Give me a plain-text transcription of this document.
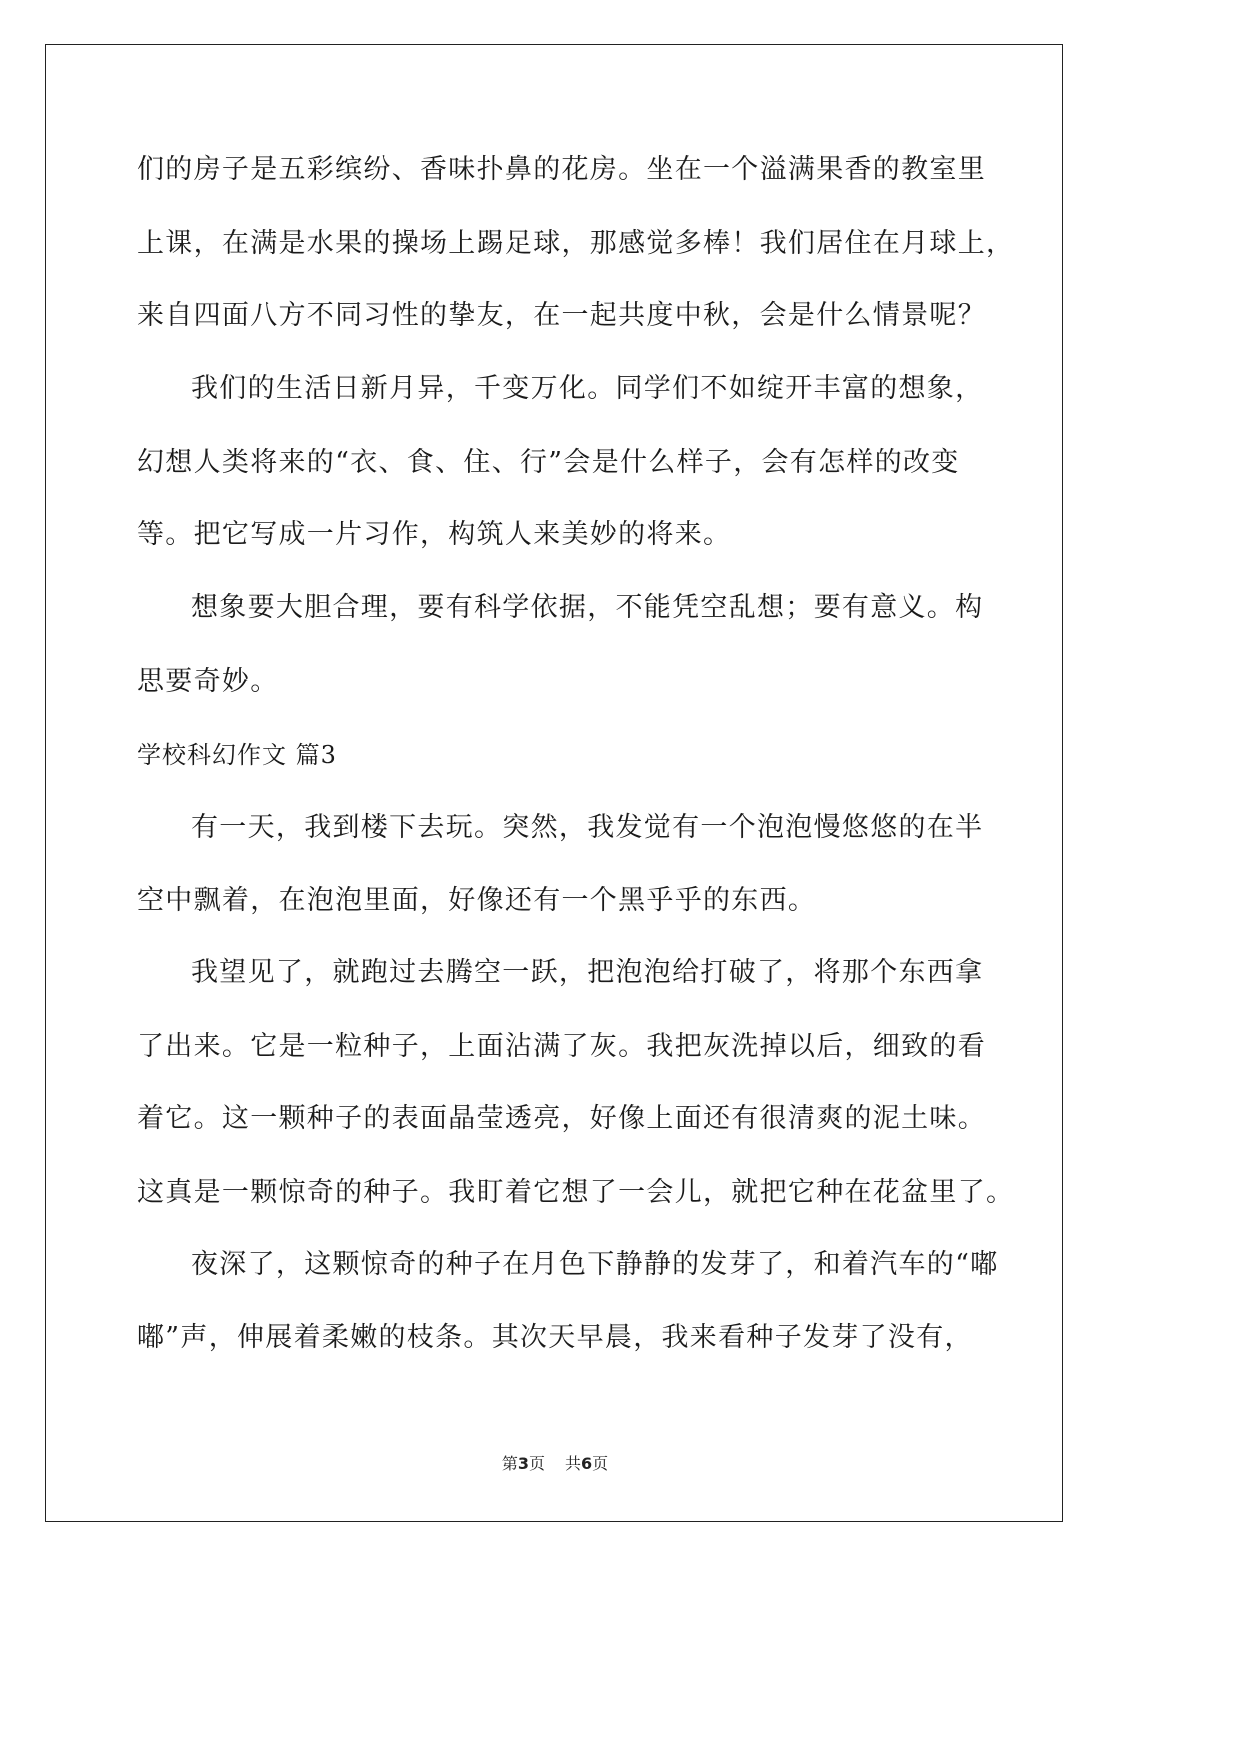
们的房子是五彩缤纷、香味扑鼻的花房。坐在一个溢满果香的教室里
上课，在满是水果的操场上踢足球，那感觉多棒！我们居住在月球上，
来自四面八方不同习性的挚友，在一起共度中秋，会是什么情景呢？
我们的生活日新月异，千变万化。同学们不如绽开丰富的想象，
幻想人类将来的“衣、食、住、行”会是什么样子，会有怎样的改变
等。把它写成一片习作，构筑人来美妙的将来。
想象要大胆合理，要有科学依据，不能凭空乱想；要有意义。构
思要奇妙。
学校科幻作文 篇3
有一天，我到楼下去玩。突然，我发觉有一个泡泡慢悠悠的在半
空中飘着，在泡泡里面，好像还有一个黑乎乎的东西。
我望见了，就跑过去腾空一跃，把泡泡给打破了，将那个东西拿
了出来。它是一粒种子，上面沾满了灰。我把灰洗掉以后，细致的看
着它。这一颗种子的表面晶莹透亮，好像上面还有很清爽的泥土味。
这真是一颗惊奇的种子。我盯着它想了一会儿，就把它种在花盆里了。
夜深了，这颗惊奇的种子在月色下静静的发芽了，和着汽车的“嘟
嘟”声，伸展着柔嫩的枝条。其次天早晨，我来看种子发芽了没有，
第3页 共6页
